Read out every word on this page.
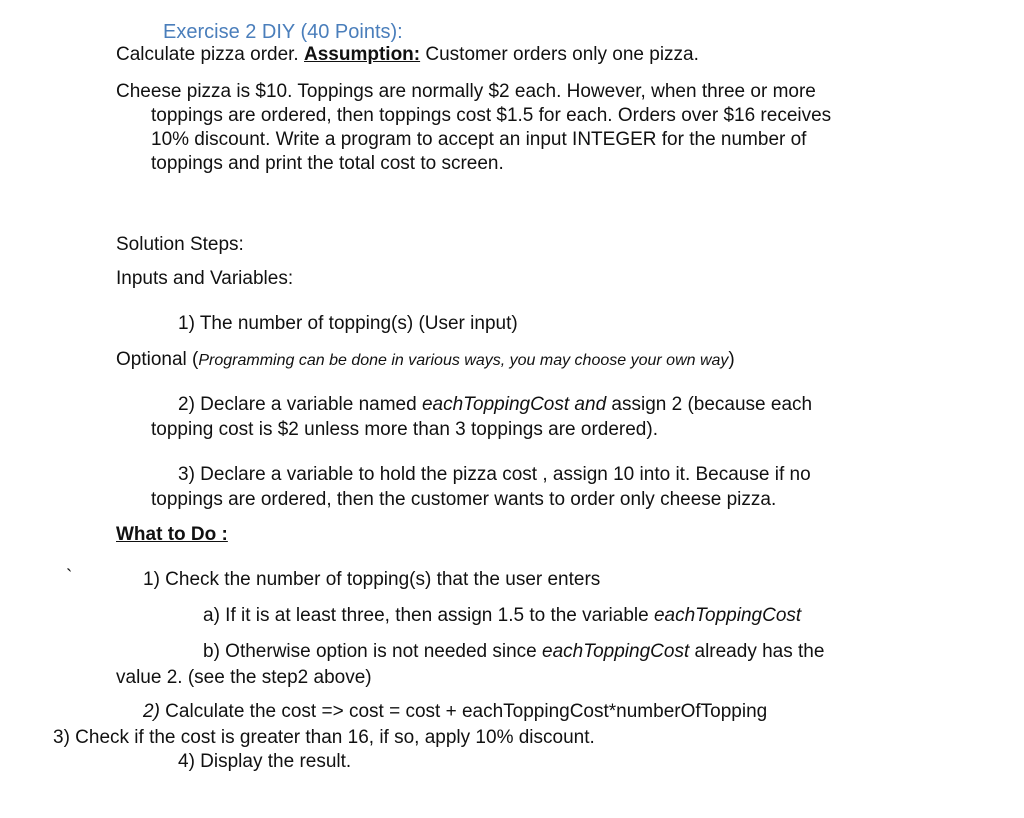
Exercise 2 DIY (40 Points):
Calculate pizza order. Assumption: Customer orders only one pizza.
Cheese pizza is $10. Toppings are normally $2 each. However, when three or more
toppings are ordered, then toppings cost $1.5 for each. Orders over $16 receives
10% discount. Write a program to accept an input INTEGER for the number of
toppings and print the total cost to screen.
Solution Steps:
Inputs and Variables:
1) The number of topping(s) (User input)
Optional (Programming can be done in various ways, you may choose your own way)
2) Declare a variable named eachToppingCost and assign 2 (because each
topping cost is $2 unless more than 3 toppings are ordered).
3) Declare a variable to hold the pizza cost , assign 10 into it. Because if no
toppings are ordered, then the customer wants to order only cheese pizza.
What to Do :
`	1) Check the number of topping(s) that the user enters
a) If it is at least three, then assign 1.5 to the variable eachToppingCost
b) Otherwise option is not needed since eachToppingCost already has the
value 2. (see the step2 above)
2) Calculate the cost => cost = cost + eachToppingCost*numberOfTopping
3) Check if the cost is greater than 16, if so, apply 10% discount.
4) Display the result.
